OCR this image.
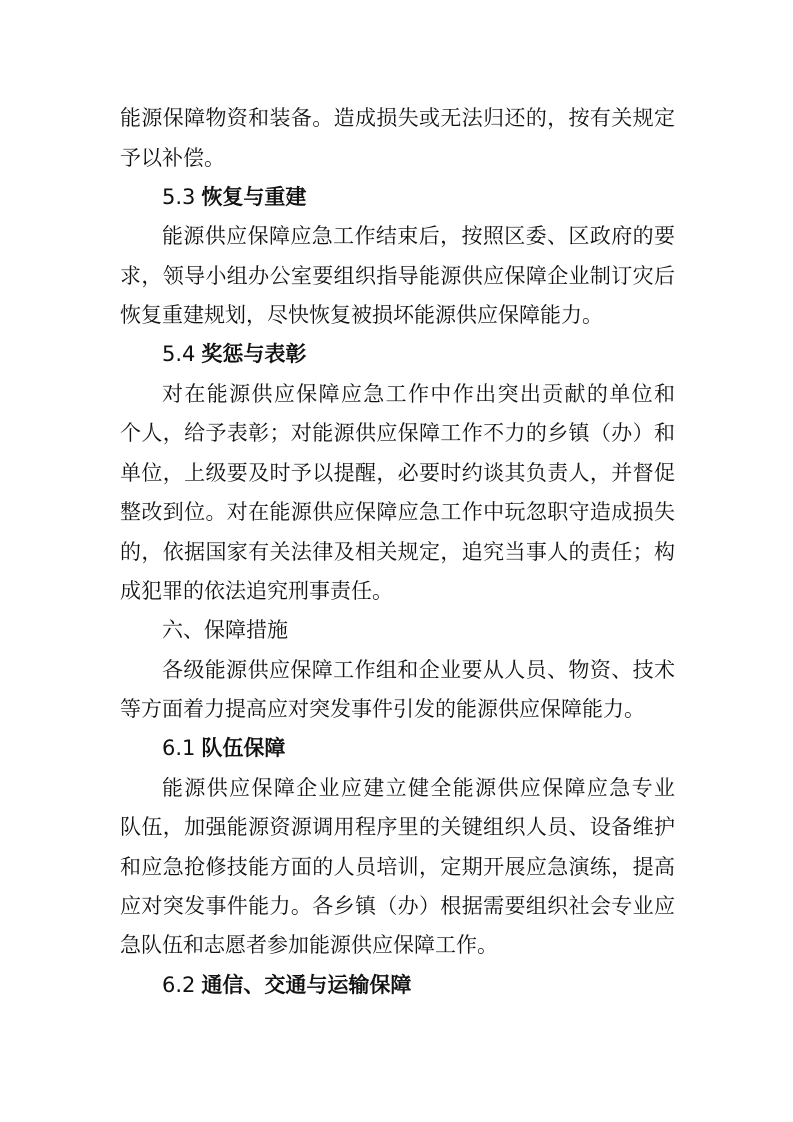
能源保障物资和装备。造成损失或无法归还的，按有关规定
予以补偿。
5.3 恢复与重建
能源供应保障应急工作结束后，按照区委、区政府的要
求，领导小组办公室要组织指导能源供应保障企业制订灾后
恢复重建规划，尽快恢复被损坏能源供应保障能力。
5.4 奖惩与表彰
对在能源供应保障应急工作中作出突出贡献的单位和
个人，给予表彰；对能源供应保障工作不力的乡镇（办）和
单位，上级要及时予以提醒，必要时约谈其负责人，并督促
整改到位。对在能源供应保障应急工作中玩忽职守造成损失
的，依据国家有关法律及相关规定，追究当事人的责任；构
成犯罪的依法追究刑事责任。
六、保障措施
各级能源供应保障工作组和企业要从人员、物资、技术
等方面着力提高应对突发事件引发的能源供应保障能力。
6.1 队伍保障
能源供应保障企业应建立健全能源供应保障应急专业
队伍，加强能源资源调用程序里的关键组织人员、设备维护
和应急抢修技能方面的人员培训，定期开展应急演练，提高
应对突发事件能力。各乡镇（办）根据需要组织社会专业应
急队伍和志愿者参加能源供应保障工作。
6.2 通信、交通与运输保障
